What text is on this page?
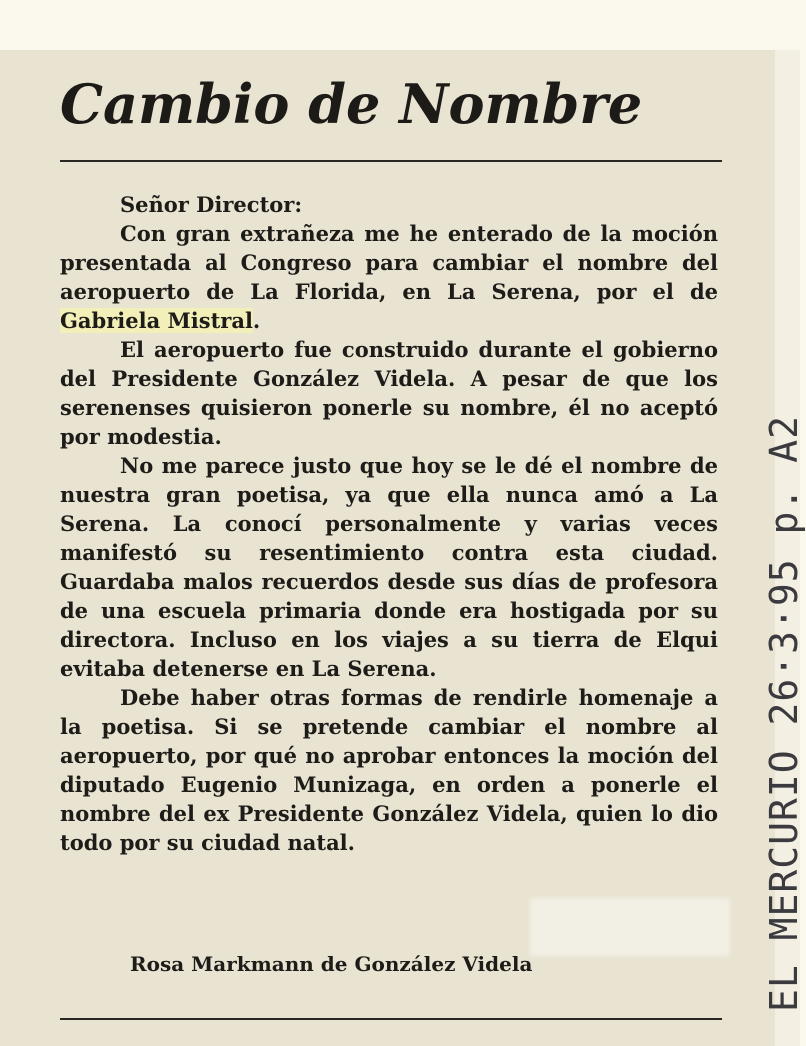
Cambio de Nombre

Señor Director:

Con gran extrañeza me he enterado de la moción presentada al Congreso para cambiar el nombre del aeropuerto de La Florida, en La Serena, por el de Gabriela Mistral.

El aeropuerto fue construido durante el gobierno del Presidente González Videla. A pesar de que los serenenses quisieron ponerle su nombre, él no aceptó por modestia.

No me parece justo que hoy se le dé el nombre de nuestra gran poetisa, ya que ella nunca amó a La Serena. La conocí personalmente y varias veces manifestó su resentimiento contra esta ciudad. Guardaba malos recuerdos desde sus días de profesora de una escuela primaria donde era hostigada por su directora. Incluso en los viajes a su tierra de Elqui evitaba detenerse en La Serena.

Debe haber otras formas de rendirle homenaje a la poetisa. Si se pretende cambiar el nombre al aeropuerto, por qué no aprobar entonces la moción del diputado Eugenio Munizaga, en orden a ponerle el nombre del ex Presidente González Videla, quien lo dio todo por su ciudad natal.

Rosa Markmann de González Videla	EL MERCURIO 26·3·95 p. A2
